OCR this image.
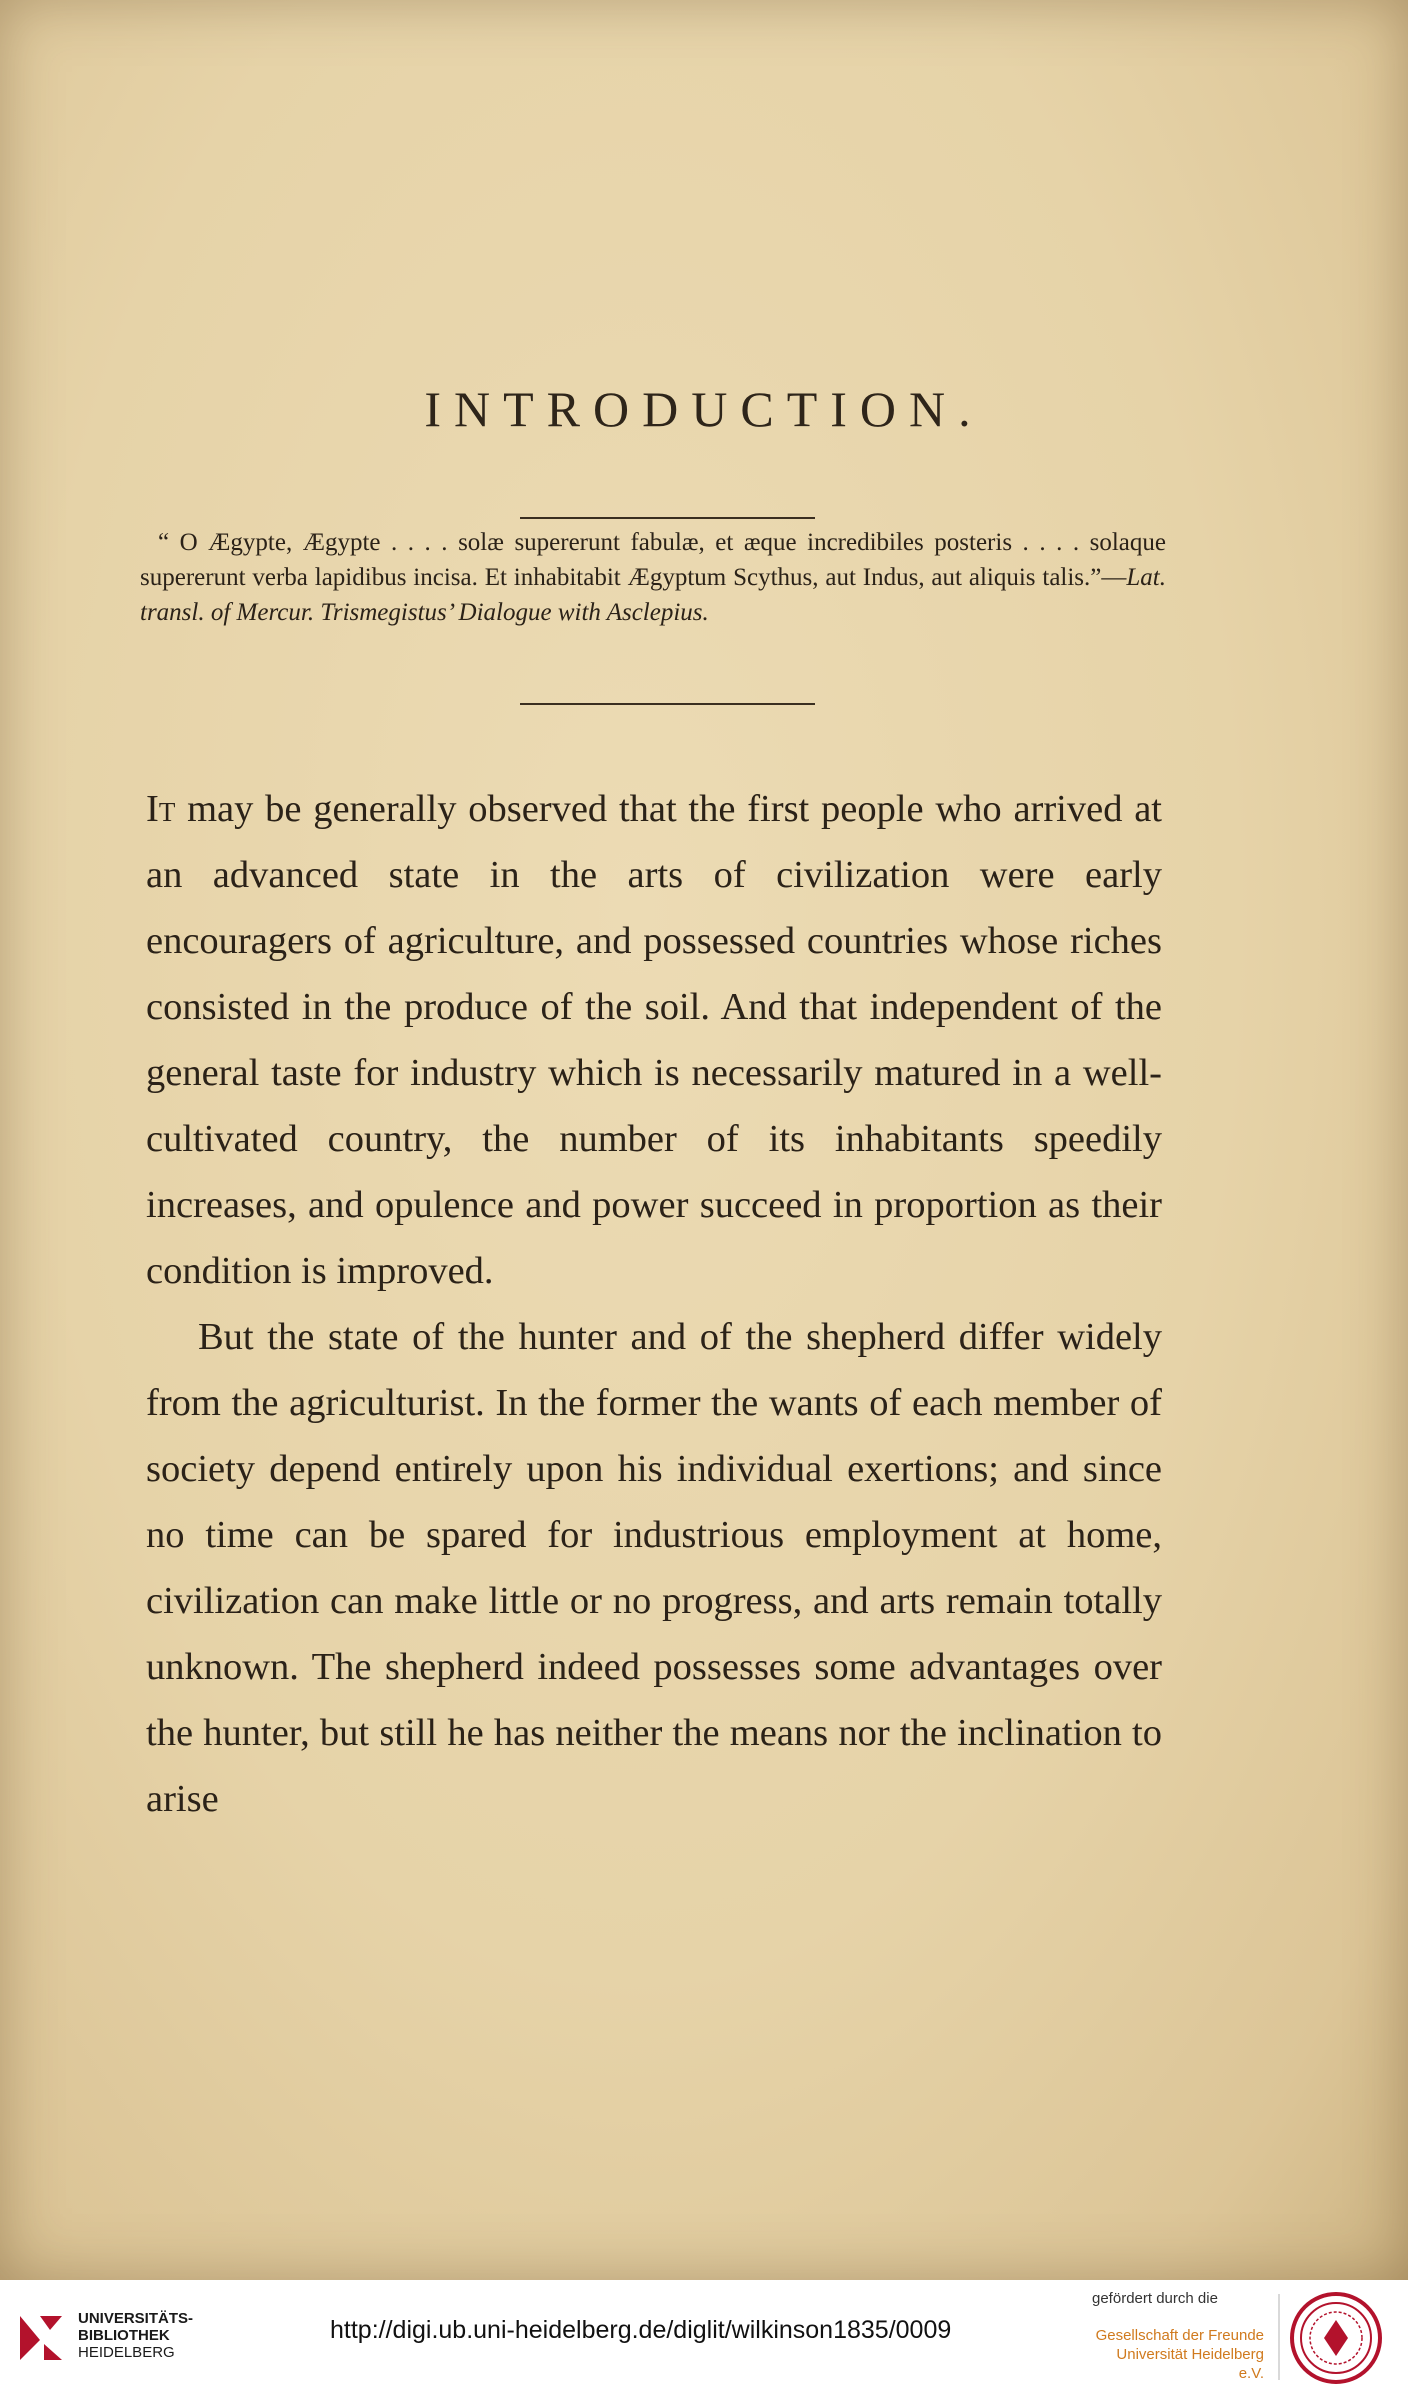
INTRODUCTION.
“ O Ægypte, Ægypte . . . . solæ supererunt fabulæ, et æque incredibiles posteris . . . . solaque supererunt verba lapidibus incisa. Et inhabitabit Ægyptum Scythus, aut Indus, aut aliquis talis.”—Lat. transl. of Mercur. Trismegistus’ Dialogue with Asclepius.

It may be generally observed that the first people who arrived at an advanced state in the arts of civilization were early encouragers of agriculture, and possessed countries whose riches consisted in the produce of the soil. And that independent of the general taste for industry which is necessarily matured in a well-cultivated country, the number of its inhabitants speedily increases, and opulence and power succeed in proportion as their condition is improved.

But the state of the hunter and of the shepherd differ widely from the agriculturist. In the former the wants of each member of society depend entirely upon his individual exertions; and since no time can be spared for industrious employment at home, civilization can make little or no progress, and arts remain totally unknown. The shepherd indeed possesses some advantages over the hunter, but still he has neither the means nor the inclination to arise

UNIVERSITÄTS-
BIBLIOTHEK
HEIDELBERG
http://digi.ub.uni-heidelberg.de/diglit/wilkinson1835/0009
gefördert durch die
Gesellschaft der Freunde
Universität Heidelberg e.V.
